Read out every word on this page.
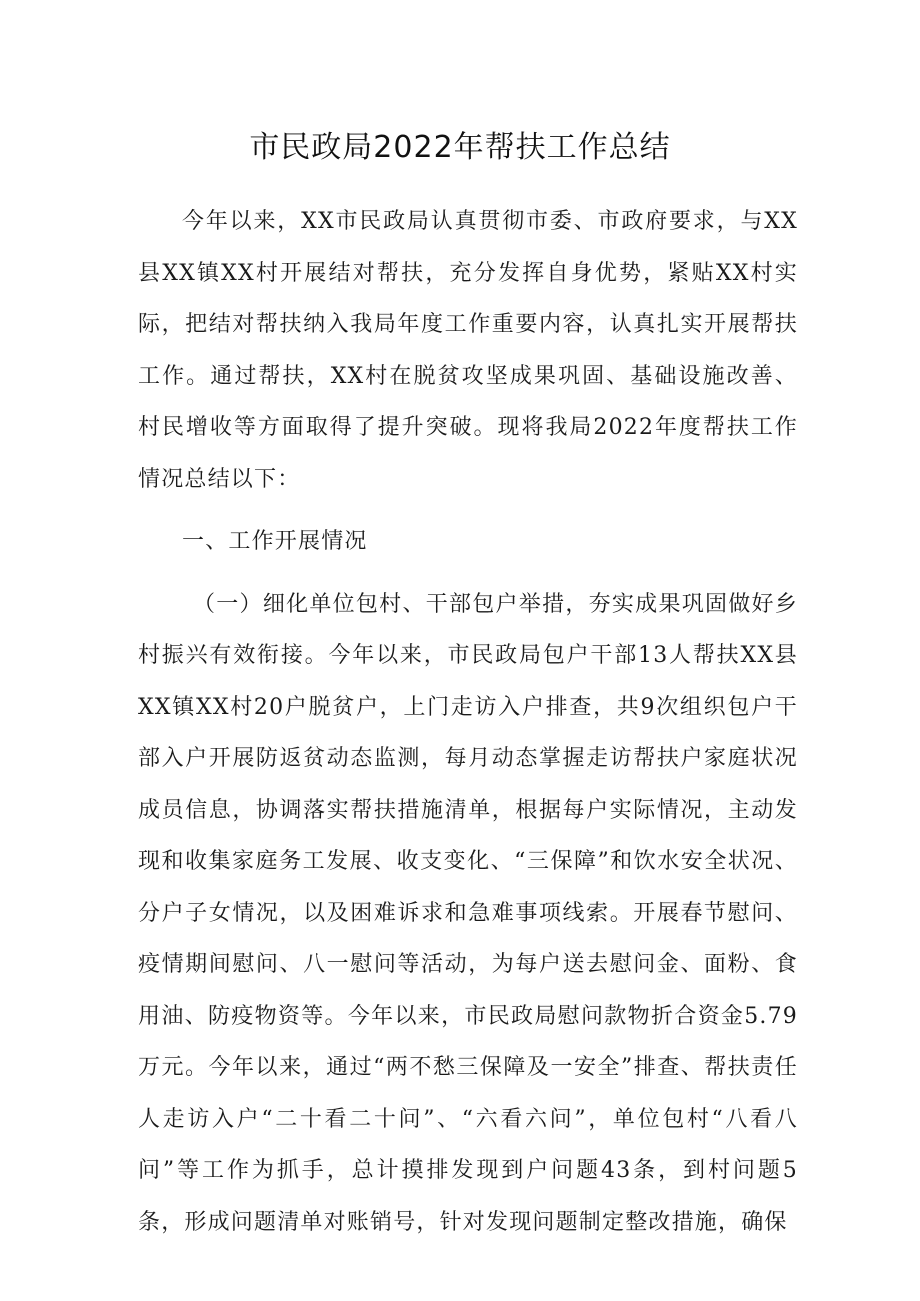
市民政局2022年帮扶工作总结

今年以来，XX市民政局认真贯彻市委、市政府要求，与XX县XX镇XX村开展结对帮扶，充分发挥自身优势，紧贴XX村实际，把结对帮扶纳入我局年度工作重要内容，认真扎实开展帮扶工作。通过帮扶，XX村在脱贫攻坚成果巩固、基础设施改善、村民增收等方面取得了提升突破。现将我局2022年度帮扶工作情况总结以下：

一、工作开展情况

（一）细化单位包村、干部包户举措，夯实成果巩固做好乡村振兴有效衔接。今年以来，市民政局包户干部13人帮扶XX县XX镇XX村20户脱贫户，上门走访入户排查，共9次组织包户干部入户开展防返贫动态监测，每月动态掌握走访帮扶户家庭状况成员信息，协调落实帮扶措施清单，根据每户实际情况，主动发现和收集家庭务工发展、收支变化、“三保障”和饮水安全状况、分户子女情况，以及困难诉求和急难事项线索。开展春节慰问、疫情期间慰问、八一慰问等活动，为每户送去慰问金、面粉、食用油、防疫物资等。今年以来，市民政局慰问款物折合资金5.79万元。今年以来，通过“两不愁三保障及一安全”排查、帮扶责任人走访入户“二十看二十问”、“六看六问”，单位包村“八看八问”等工作为抓手，总计摸排发现到户问题43条，到村问题5条，形成问题清单对账销号，针对发现问题制定整改措施，确保
